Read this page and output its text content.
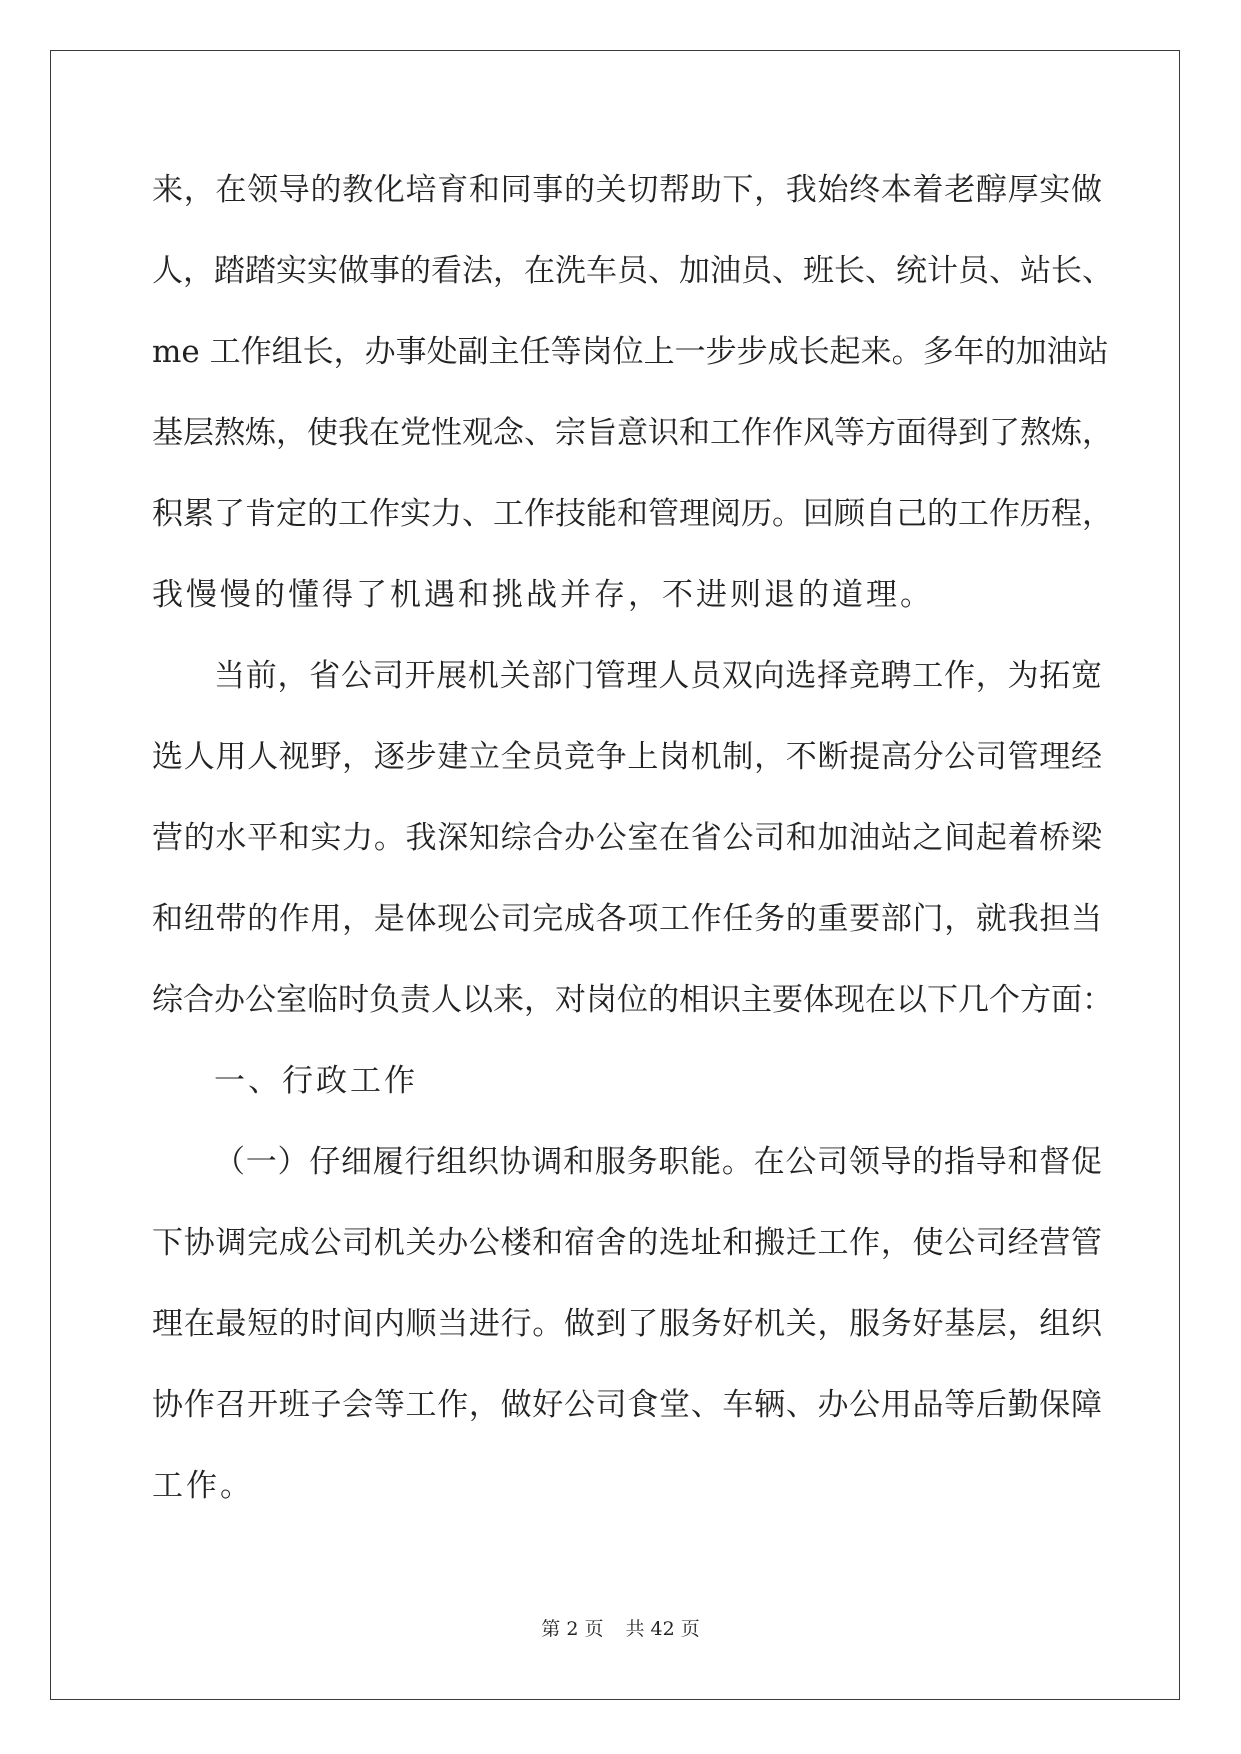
来，在领导的教化培育和同事的关切帮助下，我始终本着老醇厚实做
人，踏踏实实做事的看法，在洗车员、加油员、班长、统计员、站长、
me 工作组长，办事处副主任等岗位上一步步成长起来。多年的加油站
基层熬炼，使我在党性观念、宗旨意识和工作作风等方面得到了熬炼，
积累了肯定的工作实力、工作技能和管理阅历。回顾自己的工作历程，
我慢慢的懂得了机遇和挑战并存，不进则退的道理。
当前，省公司开展机关部门管理人员双向选择竞聘工作，为拓宽
选人用人视野，逐步建立全员竞争上岗机制，不断提高分公司管理经
营的水平和实力。我深知综合办公室在省公司和加油站之间起着桥梁
和纽带的作用，是体现公司完成各项工作任务的重要部门，就我担当
综合办公室临时负责人以来，对岗位的相识主要体现在以下几个方面：
一、行政工作
（一）仔细履行组织协调和服务职能。在公司领导的指导和督促
下协调完成公司机关办公楼和宿舍的选址和搬迁工作，使公司经营管
理在最短的时间内顺当进行。做到了服务好机关，服务好基层，组织
协作召开班子会等工作，做好公司食堂、车辆、办公用品等后勤保障
工作。
第 2 页 共 42 页
